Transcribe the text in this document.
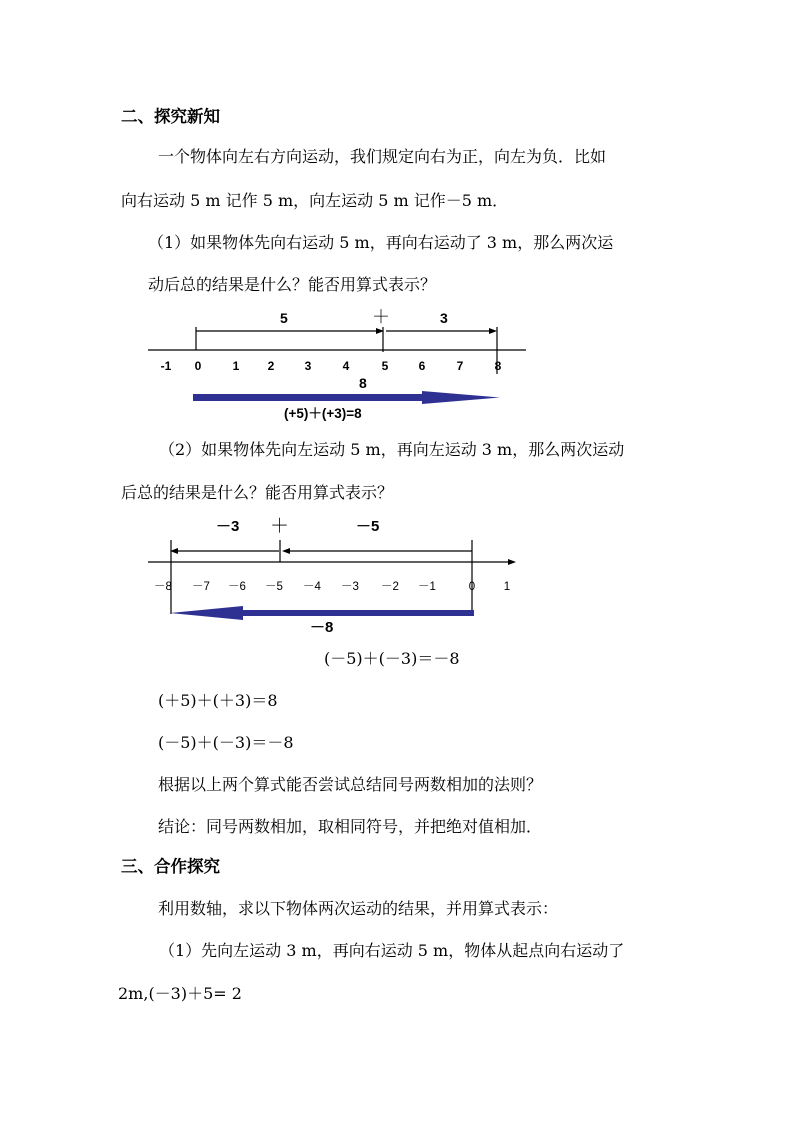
二、探究新知
一个物体向左右方向运动，我们规定向右为正，向左为负．比如
向右运动 5 m 记作 5 m，向左运动 5 m 记作－5 m．
（1）如果物体先向右运动 5 m，再向右运动了 3 m，那么两次运
动后总的结果是什么？能否用算式表示？
5	＋	3
-1 0	1 2	3	4	5	6	7	8
8
(+5)＋(+3)=8
（2）如果物体先向左运动 5 m，再向左运动 3 m，那么两次运动
后总的结果是什么？能否用算式表示？
－3 ＋	－5
－8 －7 －6 －5 －4 －3 －2 －1	0 1
－8
(－5)＋(－3)＝－8
(＋5)＋(＋3)＝8
(－5)＋(－3)＝－8
根据以上两个算式能否尝试总结同号两数相加的法则？
结论：同号两数相加，取相同符号，并把绝对值相加．
三、合作探究
利用数轴，求以下物体两次运动的结果，并用算式表示：
（1）先向左运动 3 m，再向右运动 5 m，物体从起点向右运动了
2m,(－3)＋5= 2
